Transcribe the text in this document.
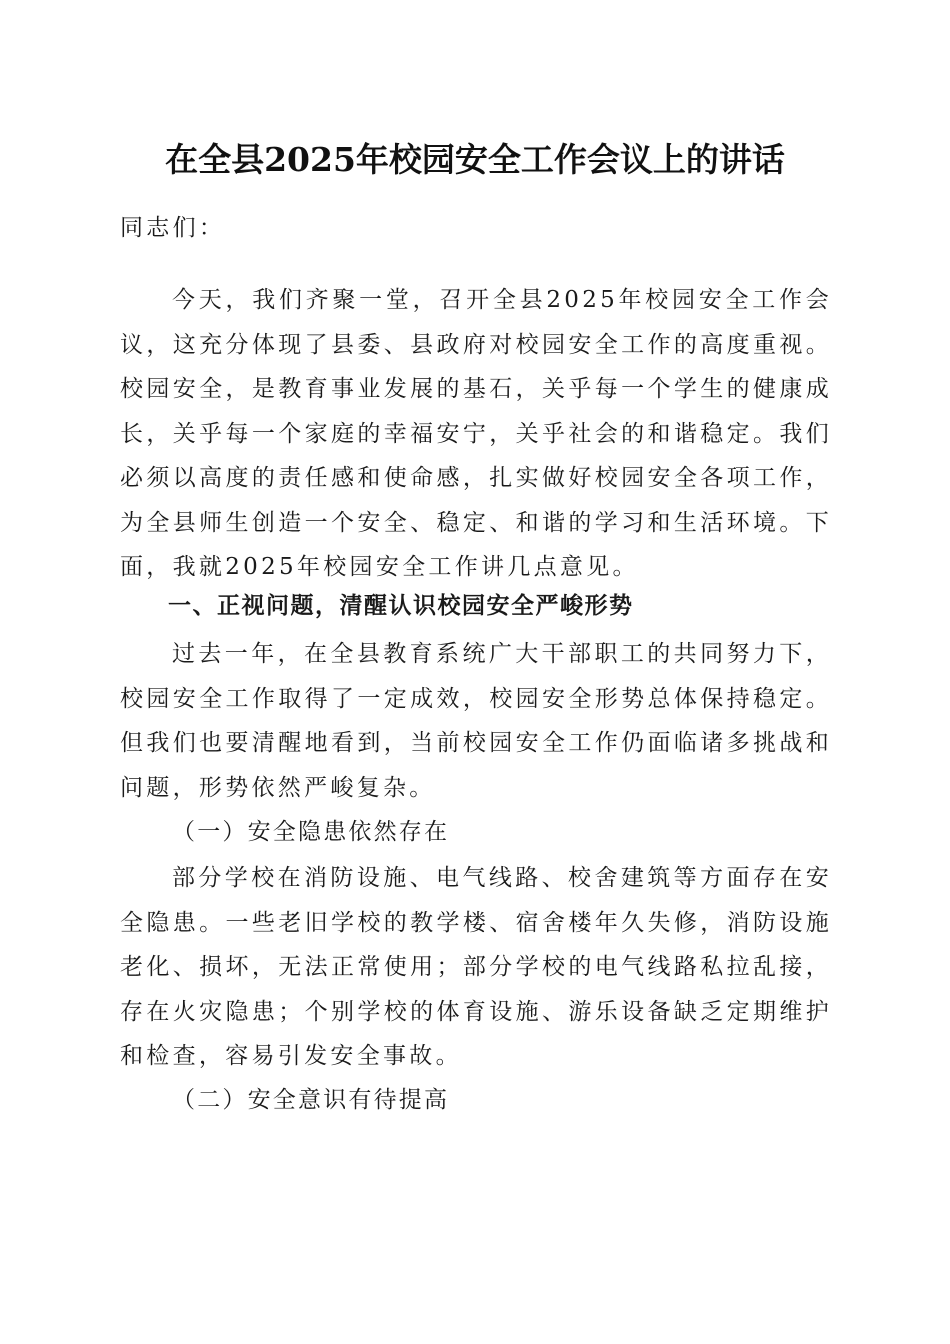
在全县2025年校园安全工作会议上的讲话

同志们：

今天，我们齐聚一堂，召开全县2025年校园安全工作会议，这充分体现了县委、县政府对校园安全工作的高度重视。校园安全，是教育事业发展的基石，关乎每一个学生的健康成长，关乎每一个家庭的幸福安宁，关乎社会的和谐稳定。我们必须以高度的责任感和使命感，扎实做好校园安全各项工作，为全县师生创造一个安全、稳定、和谐的学习和生活环境。下面，我就2025年校园安全工作讲几点意见。

一、正视问题，清醒认识校园安全严峻形势

过去一年，在全县教育系统广大干部职工的共同努力下，校园安全工作取得了一定成效，校园安全形势总体保持稳定。但我们也要清醒地看到，当前校园安全工作仍面临诸多挑战和问题，形势依然严峻复杂。

（一）安全隐患依然存在

部分学校在消防设施、电气线路、校舍建筑等方面存在安全隐患。一些老旧学校的教学楼、宿舍楼年久失修，消防设施老化、损坏，无法正常使用；部分学校的电气线路私拉乱接，存在火灾隐患；个别学校的体育设施、游乐设备缺乏定期维护和检查，容易引发安全事故。

（二）安全意识有待提高
